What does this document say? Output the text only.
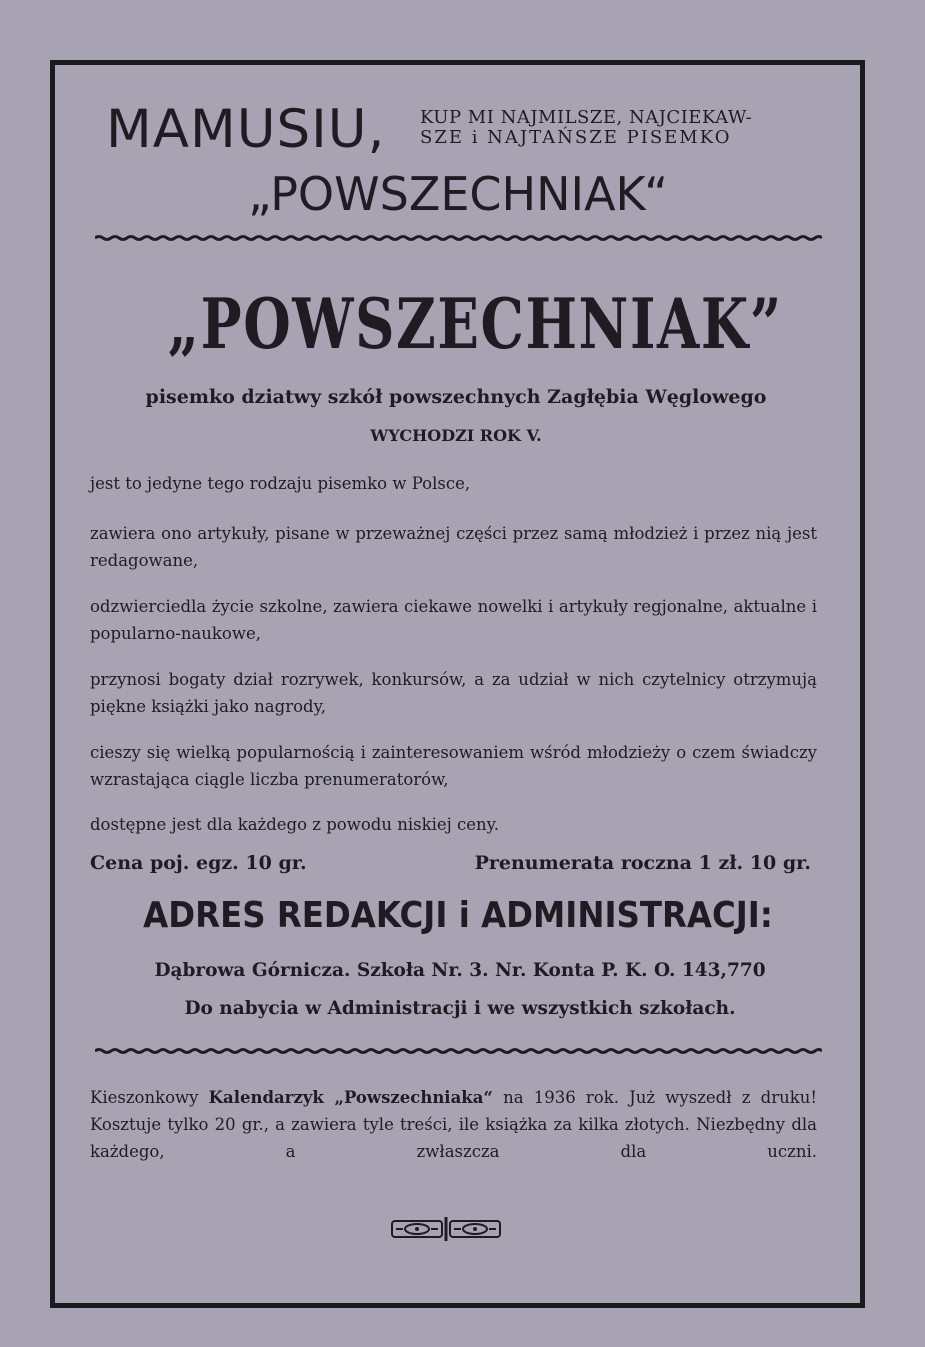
MAMUSIU, KUP MI NAJMILSZE, NAJCIEKAW-
SZE i NAJTAŃSZE PISEMKO
„POWSZECHNIAK“
„POWSZECHNIAK”
pisemko dziatwy szkół powszechnych Zagłębia Węglowego
WYCHODZI ROK V.
jest to jedyne tego rodzaju pisemko w Polsce,
zawiera ono artykuły, pisane w przeważnej części przez samą młodzież i przez nią jest redagowane,
odzwierciedla życie szkolne, zawiera ciekawe nowelki i artykuły regjonalne, aktualne i popularno-naukowe,
przynosi bogaty dział rozrywek, konkursów, a za udział w nich czytelnicy otrzymują piękne książki jako nagrody,
cieszy się wielką popularnością i zainteresowaniem wśród młodzieży o czem świadczy wzrastająca ciągle liczba prenumeratorów,
dostępne jest dla każdego z powodu niskiej ceny.
Cena poj. egz. 10 gr.	Prenumerata roczna 1 zł. 10 gr.
ADRES REDAKCJI i ADMINISTRACJI:
Dąbrowa Górnicza. Szkoła Nr. 3. Nr. Konta P. K. O. 143,770
Do nabycia w Administracji i we wszystkich szkołach.
Kieszonkowy Kalendarzyk „Powszechniaka“ na 1936 rok. Już wyszedł z druku! Kosztuje tylko 20 gr., a zawiera tyle treści, ile książka za kilka złotych. Niezbędny dla każdego, a zwłaszcza dla uczni.
